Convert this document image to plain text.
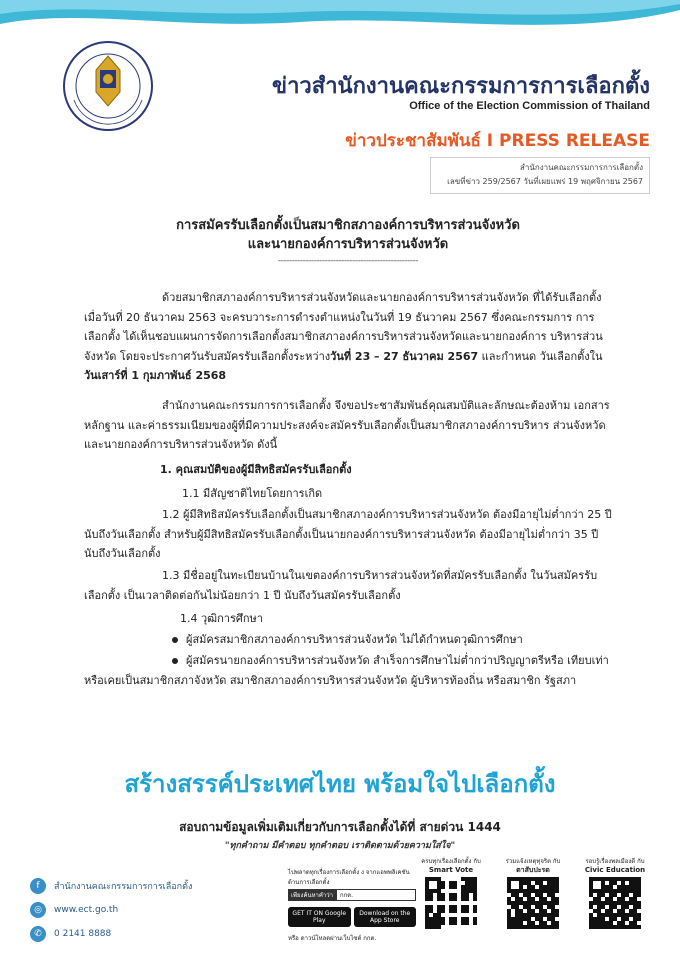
ข่าวสำนักงานคณะกรรมการการเลือกตั้ง
Office of the Election Commission of Thailand
ข่าวประชาสัมพันธ์ I PRESS RELEASE
สำนักงานคณะกรรมการการเลือกตั้ง
เลขที่ข่าว 259/2567 วันที่เผยแพร่ 19 พฤศจิกายน 2567
การสมัครรับเลือกตั้งเป็นสมาชิกสภาองค์การบริหารส่วนจังหวัด
และนายกองค์การบริหารส่วนจังหวัด
---------------------------------------------------

ด้วยสมาชิกสภาองค์การบริหารส่วนจังหวัดและนายกองค์การบริหารส่วนจังหวัด ที่ได้รับเลือกตั้ง เมื่อวันที่ 20 ธันวาคม 2563 จะครบวาระการดำรงตำแหน่งในวันที่ 19 ธันวาคม 2567 ซึ่งคณะกรรมการ การเลือกตั้ง ได้เห็นชอบแผนการจัดการเลือกตั้งสมาชิกสภาองค์การบริหารส่วนจังหวัดและนายกองค์การ บริหารส่วนจังหวัด โดยจะประกาศวันรับสมัครรับเลือกตั้งระหว่างวันที่ 23 – 27 ธันวาคม 2567 และกำหนด วันเลือกตั้งในวันเสาร์ที่ 1 กุมภาพันธ์ 2568

สำนักงานคณะกรรมการการเลือกตั้ง จึงขอประชาสัมพันธ์คุณสมบัติและลักษณะต้องห้าม เอกสารหลักฐาน และค่าธรรมเนียมของผู้ที่มีความประสงค์จะสมัครรับเลือกตั้งเป็นสมาชิกสภาองค์การบริหาร ส่วนจังหวัดและนายกองค์การบริหารส่วนจังหวัด ดังนี้

1. คุณสมบัติของผู้มีสิทธิสมัครรับเลือกตั้ง
1.1 มีสัญชาติไทยโดยการเกิด

1.2 ผู้มีสิทธิสมัครรับเลือกตั้งเป็นสมาชิกสภาองค์การบริหารส่วนจังหวัด ต้องมีอายุไม่ต่ำกว่า 25 ปี นับถึงวันเลือกตั้ง สำหรับผู้มีสิทธิสมัครรับเลือกตั้งเป็นนายกองค์การบริหารส่วนจังหวัด ต้องมีอายุไม่ต่ำกว่า 35 ปี นับถึงวันเลือกตั้ง

1.3 มีชื่ออยู่ในทะเบียนบ้านในเขตองค์การบริหารส่วนจังหวัดที่สมัครรับเลือกตั้ง ในวันสมัครรับเลือกตั้ง เป็นเวลาติดต่อกันไม่น้อยกว่า 1 ปี นับถึงวันสมัครรับเลือกตั้ง

1.4 วุฒิการศึกษา

ผู้สมัครสมาชิกสภาองค์การบริหารส่วนจังหวัด ไม่ได้กำหนดวุฒิการศึกษา

ผู้สมัครนายกองค์การบริหารส่วนจังหวัด สำเร็จการศึกษาไม่ต่ำกว่าปริญญาตรีหรือ เทียบเท่า หรือเคยเป็นสมาชิกสภาจังหวัด สมาชิกสภาองค์การบริหารส่วนจังหวัด ผู้บริหารท้องถิ่น หรือสมาชิก รัฐสภา

สร้างสรรค์ประเทศไทย พร้อมใจไปเลือกตั้ง
สอบถามข้อมูลเพิ่มเติมเกี่ยวกับการเลือกตั้งได้ที่ สายด่วน 1444
"ทุกคำถาม มีคำตอบ ทุกคำตอบ เราติดตามด้วยความใส่ใจ"
f	สำนักงานคณะกรรมการการเลือกตั้ง
◎	www.ect.go.th
✆	0 2141 8888
ไปพลาดทุกเรื่องการเลือกตั้ง ง จากแอพพลิเคชันด้านการเลือกตั้ง
เพียงค้นหาคำว่า	กกต.
GET IT ON Google Play
Download on the App Store
หรือ ดาวน์โหลดผ่านเว็บไซต์ กกต.
ครบทุกเรื่องเลือกตั้ง กับ
Smart Vote
ร่วมแจ้งเหตุทุจริต กับ
ตาสับปะรด
รอบรู้เรื่องพลเมืองดี กับ
Civic Education
